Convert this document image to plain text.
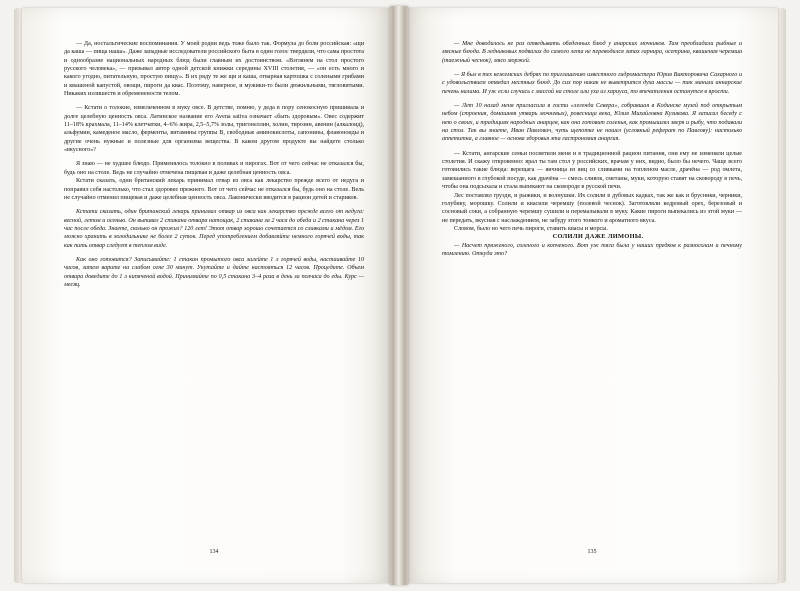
— Да, ностальгические воспоминания. У моей родни ведь тоже было так. Формула до боли российская: «щи да каша — пища наша». Даже западные исследователи российского быта в один голос твердили, что сама простота и однообразие национальных народных блюд были главным их достоинством. «Взглянем на стол простого русского человека», — призывал автор одной детской книжки середины XVIII столетия, — «он есть много и какого угодно, питательную, простую пищу». В их ряду те же щи и каша, отварная картошка с солеными грибами и квашеной капустой, овощи, пироги да квас. Поэтому, наверное, и мужики-то были дюжильными, тягловитыми. Никаких излишеств и обременености телом.

— Кстати о толокне, измельченном в муку овсе. В детстве, помню, у деда в поpу сенокосную пришивала и долге целебную ценность овса. Латинское название его Avena sativa означает «быть здоровым». Овес содержит 11–18% крахмала, 11–14% клетчатки, 4–6% жира, 2,5–5,7% золы, тригонеллин, холин, тирозин, авенин (алкалоид), альфумин, камеденое масло, ферменты, витамины группы В, свободные аминокислоты, сапонины, флавоноиды и другие очень нужные и полезные для организма вещества. В каком другом продукте вы найдете столько «вкусного»?

Я знаю — не худшее блюдо. Применялось толокно в поливах и пирогах. Вот от чего сейчас не отказался бы, будь оно на столе. Ведь не случайно отмечена пищевая и даже целебная ценность овса.

Кстати сказать, одни британский лекарь принимал отвар из овса как лекарство прежде всего от недуга и поправил себя настолько, что стал здоровее прежнего. Вот от чего сейчас не отказался бы, будь оно на столе. Вель не случайно отменил пищевая и даже целебная ценность овса. Лаконически вводится в рацион детей и стариков.

Кстати сказать, один британский лекарь принимал отвар из овса как лекарство прежде всего от недуга: весной, летом и осенью. Он выпивал 2 стакана отвара натощак, 2 стакана за 2 часа до обеда и 2 стакана через 1 час после обеда. Знаете, сколько он прожил? 120 лет! Этот отвар хорошо сочетается со сливками и мёдом. Его можно хранить в холодильнике не более 2 суток. Перед употреблением добавляйте немного горячей воды, так как пить отвар следует в теплом виде.

Как оно готовится? Записывайте: 1 стакан промытого овса залейте 1 л горячей воды, настаивайте 10 часов, затем варите на слабом огне 30 минут. Укутайте и дайте настояться 12 часов. Процедите. Объем отвара доведите до 1 л кипяченой водой. Принимайте по 0,5 стакана 3–4 раза в день за полчаса до еды. Курс — месяц.

134

— Мне доводилось не раз отведывать обеденных блюд у анарских мочников. Там преобладали рыбные и мясные блюда. В ледниковых подвалах до самого лета не переводился запах гарнира, осетрина, квашеная черемша (таежный чеснок), мясо моржей.

— Я был в тех кежемских дебрях по приглашению известного гидромастера Юрия Викторовича Сахарного и с удовольствием отведал местных блюд. До сих пор никак не выветрится духа массы — так манили аннарские печень налима. И уж если случись с массой на столе или уха из хариуса, то впечатления останутся в ярости.

— Лет 10 назад меня пригласила в гости «легенда Севера», собравшая в Кодинске музей под открытым небом (строения, домашняя утварь мочневых), poвесница века, Юлия Михайловна Кузикова. Я записал беседу с нею о своих, и традициях народных анарцев, как она готовит соленья, как промышлял зверя и рыбу, что подавали на стол. Так вы знаете, Иван Павлович, чуть щепотке не ношел (условный реферат по Павлову): настолько аппетитна, а главное — основа здоровья эта гастрономия анаргия.

— Кстати, ангарские семьи посвятили меня и в традиционной рацион питания, они ему не изменяли целые столетия. И скажу откровенно: врал ты там стол у российских, врачам у них, видно, было бы нечего. Чаще всего готовились такие блюда: верещага — яичница из яиц со сливками на топленом масле, драчёна — род омлета, замешанного в глубокой посуде, как драчёна — смесь сливок, сметаны, муки, которую ставят на сковороду в печь, чтобы она подсыхала и стала выпекают на сковороде в русской печи.

Лес поставлял грузди, и рыжики, и волнушки. Их солили в дубовых кадках, так же как и брусники, черники, голубику, морошку. Солили и квасили черемшу (полевой чеснок). Заготовляли кедровый орех, березовый и сосновый соки, а собранную черемшу сушили и перемалывали в муку. Какие пироги выпекались из этой муки — не передать, вкусная с наслаждением, не забуду этого тонкого и ароматного вкуса.

Словом, было но чего печь пироги, ставить квасы и морсы.

СОЛИЛИ ДАЖЕ ЛИМОНЫ.

— Насчет пряженого, соленого и копченого. Вот уж тяга была у наших предков к разносолам и печному томлению. Откуда это?

135
